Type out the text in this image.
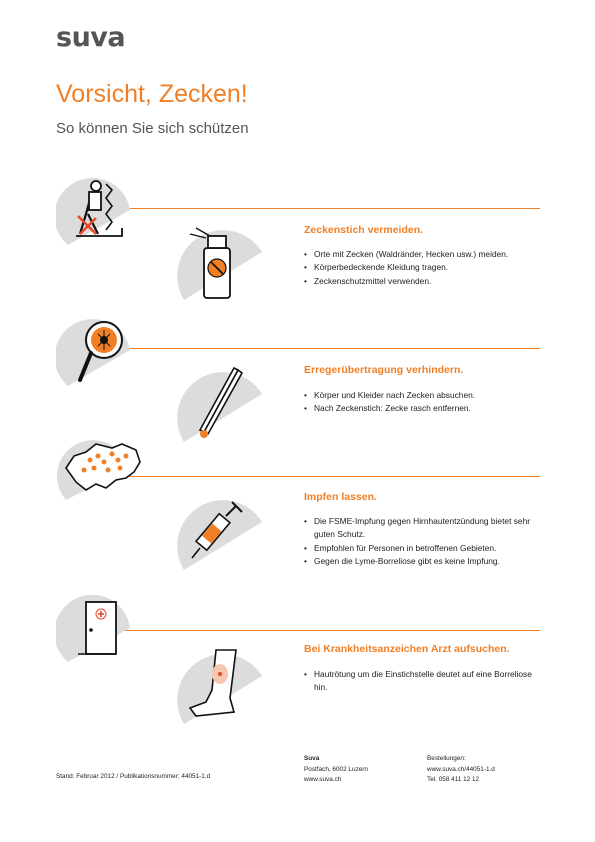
suva
Vorsicht, Zecken!
So können Sie sich schützen
Zeckenstich vermeiden.
• Orte mit Zecken (Waldränder, Hecken usw.) meiden.
• Körperbedeckende Kleidung tragen.
• Zeckenschutzmittel verwenden.
Erregerübertragung verhindern.
• Körper und Kleider nach Zecken absuchen.
• Nach Zeckenstich: Zecke rasch entfernen.
Impfen lassen.
• Die FSME-Impfung gegen Hirnhautentzündung bietet sehr guten Schutz.
• Empfohlen für Personen in betroffenen Gebieten.
• Gegen die Lyme-Borreliose gibt es keine Impfung.
Bei Krankheitsanzeichen Arzt aufsuchen.
• Hautrötung um die Einstichstelle deutet auf eine Borreliose hin.
Stand: Februar 2012 / Publikationsnummer: 44051-1.d
Suva
Postfach, 6002 Luzern
www.suva.ch
Bestellungen:
www.suva.ch/44051-1.d
Tel. 058 411 12 12
